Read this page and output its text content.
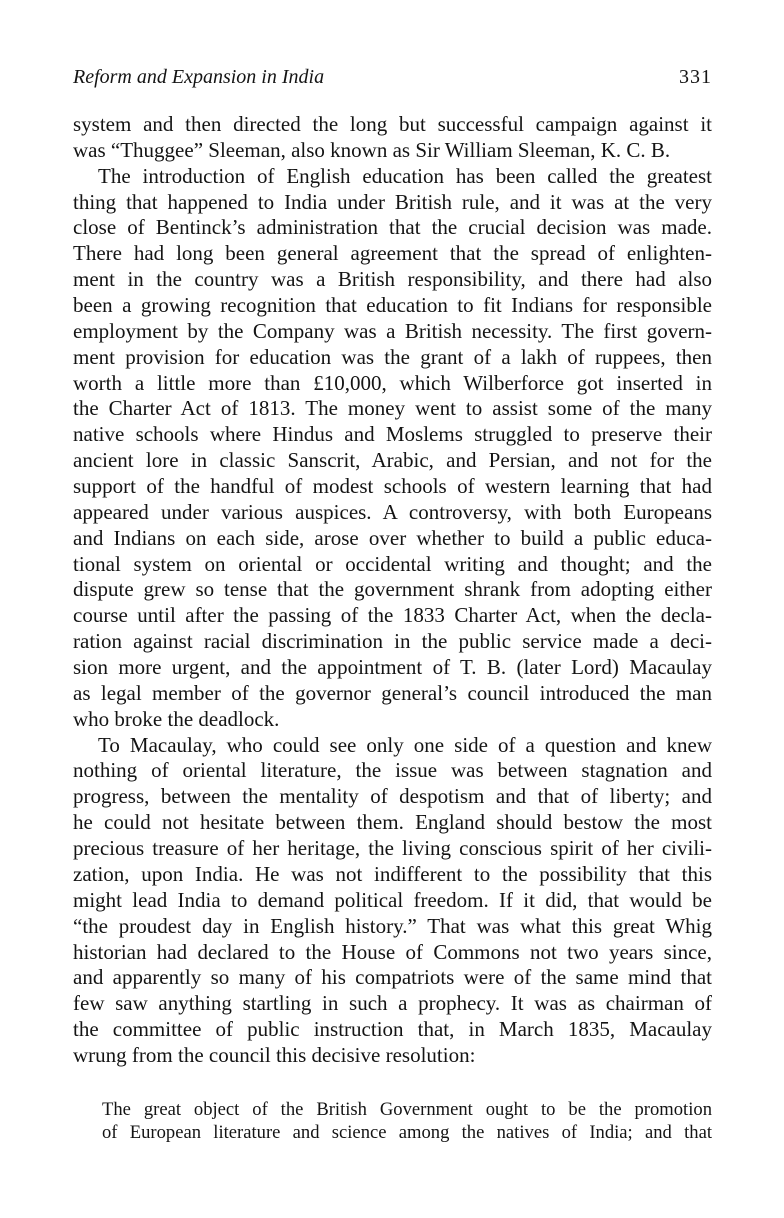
Reform and Expansion in India	331
system and then directed the long but successful campaign against it
was “Thuggee” Sleeman, also known as Sir William Sleeman, K. C. B.
The introduction of English education has been called the greatest
thing that happened to India under British rule, and it was at the very
close of Bentinck’s administration that the crucial decision was made.
There had long been general agreement that the spread of enlighten-
ment in the country was a British responsibility, and there had also
been a growing recognition that education to fit Indians for responsible
employment by the Company was a British necessity. The first govern-
ment provision for education was the grant of a lakh of ruppees, then
worth a little more than £10,000, which Wilberforce got inserted in
the Charter Act of 1813. The money went to assist some of the many
native schools where Hindus and Moslems struggled to preserve their
ancient lore in classic Sanscrit, Arabic, and Persian, and not for the
support of the handful of modest schools of western learning that had
appeared under various auspices. A controversy, with both Europeans
and Indians on each side, arose over whether to build a public educa-
tional system on oriental or occidental writing and thought; and the
dispute grew so tense that the government shrank from adopting either
course until after the passing of the 1833 Charter Act, when the decla-
ration against racial discrimination in the public service made a deci-
sion more urgent, and the appointment of T. B. (later Lord) Macaulay
as legal member of the governor general’s council introduced the man
who broke the deadlock.
To Macaulay, who could see only one side of a question and knew
nothing of oriental literature, the issue was between stagnation and
progress, between the mentality of despotism and that of liberty; and
he could not hesitate between them. England should bestow the most
precious treasure of her heritage, the living conscious spirit of her civili-
zation, upon India. He was not indifferent to the possibility that this
might lead India to demand political freedom. If it did, that would be
“the proudest day in English history.” That was what this great Whig
historian had declared to the House of Commons not two years since,
and apparently so many of his compatriots were of the same mind that
few saw anything startling in such a prophecy. It was as chairman of
the committee of public instruction that, in March 1835, Macaulay
wrung from the council this decisive resolution:
The great object of the British Government ought to be the promotion
of European literature and science among the natives of India; and that
